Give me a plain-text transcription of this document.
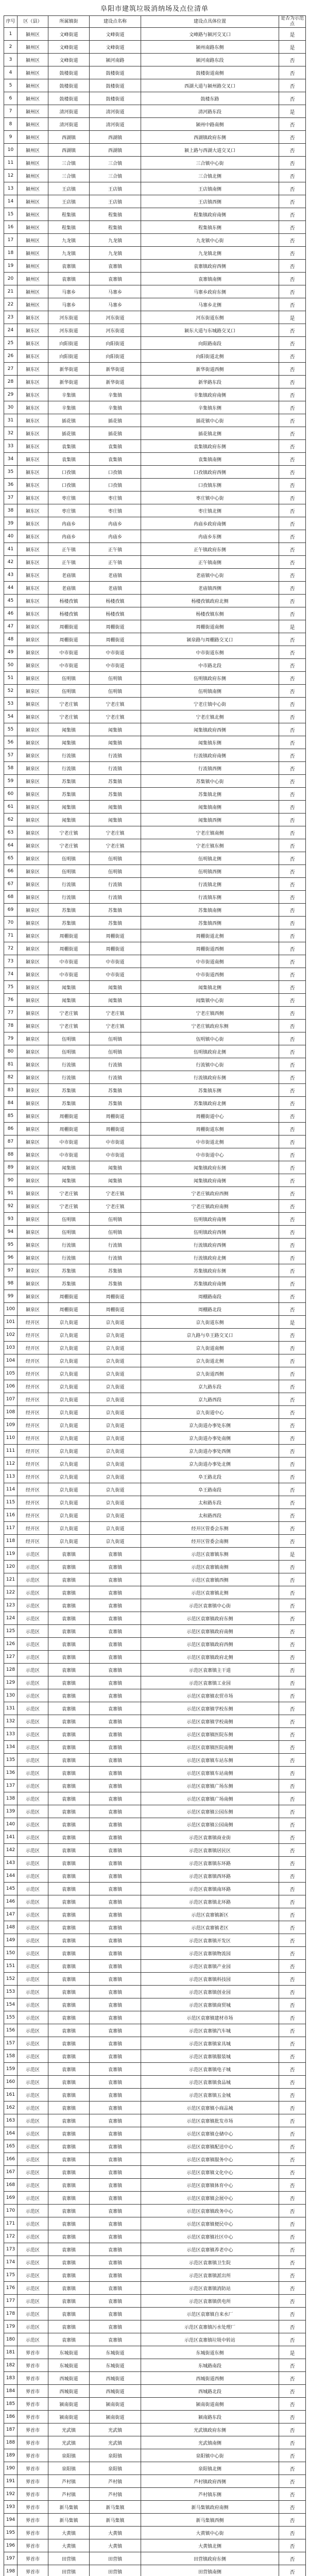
阜阳市建筑垃圾消纳场及点位清单
序号	区（县）	所属镇街	建设点名称	建设点具体位置	是否为示范点
1	颍州区	文峰街道	文峰街道	文峰路与颍河交叉口	是
2	颍州区	文峰街道	文峰街道	颍州南路东侧	是
3	颍州区	文峰街道	颍河南路	颍河南路东段	否
4	颍州区	鼓楼街道	鼓楼街道	鼓楼街道南侧	否
5	颍州区	鼓楼街道	鼓楼街道	西湖大道与颍州路交叉口	否
6	颍州区	鼓楼街道	鼓楼街道	鼓楼东路	否
7	颍州区	清河街道	清河街道	清河路东段	是
8	颍州区	清河街道	清河街道	颍州中路南侧	否
9	颍州区	西湖镇	西湖镇	西湖镇政府东侧	否
10	颍州区	西湖镇	西湖镇	颍上路与西湖大道交叉口	否
11	颍州区	三合镇	三合镇	三合镇中心街	否
12	颍州区	三合镇	三合镇	三合镇北侧	否
13	颍州区	王店镇	王店镇	王店镇南侧	否
14	颍州区	王店镇	王店镇	王店镇西侧	否
15	颍州区	程集镇	程集镇	程集镇政府南侧	否
16	颍州区	程集镇	程集镇	程集镇东侧	否
17	颍州区	九龙镇	九龙镇	九龙镇中心街	否
18	颍州区	九龙镇	九龙镇	九龙镇北侧	否
19	颍州区	袁寨镇	袁寨镇	袁寨镇政府西侧	否
20	颍州区	袁寨镇	袁寨镇	袁寨镇南侧	否
21	颍州区	马寨乡	马寨乡	马寨乡政府东侧	否
22	颍州区	马寨乡	马寨乡	马寨乡北侧	否
23	颍东区	河东街道	河东街道	河东街道东侧	是
24	颍东区	河东街道	河东街道	颍东大道与东城路交叉口	否
25	颍东区	向阳街道	向阳街道	向阳路南段	否
26	颍东区	向阳街道	向阳街道	向阳街道北侧	否
27	颍东区	新华街道	新华街道	新华街道西侧	否
28	颍东区	新华街道	新华街道	新华路东段	否
29	颍东区	辛集镇	辛集镇	辛集镇政府南侧	否
30	颍东区	辛集镇	辛集镇	辛集镇东侧	否
31	颍东区	插花镇	插花镇	插花镇中心街	否
32	颍东区	插花镇	插花镇	插花镇北侧	否
33	颍东区	袁集镇	袁集镇	袁集镇政府东侧	否
34	颍东区	袁集镇	袁集镇	袁集镇南侧	否
35	颍东区	口孜镇	口孜镇	口孜镇政府西侧	否
36	颍东区	口孜镇	口孜镇	口孜镇东侧	否
37	颍东区	枣庄镇	枣庄镇	枣庄镇中心街	否
38	颍东区	枣庄镇	枣庄镇	枣庄镇北侧	否
39	颍东区	冉庙乡	冉庙乡	冉庙乡政府南侧	否
40	颍东区	冉庙乡	冉庙乡	冉庙乡东侧	否
41	颍东区	正午镇	正午镇	正午镇政府东侧	否
42	颍东区	正午镇	正午镇	正午镇南侧	否
43	颍东区	老庙镇	老庙镇	老庙镇中心街	否
44	颍东区	老庙镇	老庙镇	老庙镇西侧	否
45	颍东区	杨楼孜镇	杨楼孜镇	杨楼孜镇政府北侧	否
46	颍东区	杨楼孜镇	杨楼孜镇	杨楼孜镇东侧	否
47	颍泉区	周棚街道	周棚街道	周棚街道南侧	是
48	颍泉区	周棚街道	周棚街道	颍泉路与周棚路交叉口	否
49	颍泉区	中市街道	中市街道	中市街道东侧	否
50	颍泉区	中市街道	中市街道	中市路北段	否
51	颍泉区	伍明镇	伍明镇	伍明镇政府东侧	否
52	颍泉区	伍明镇	伍明镇	伍明镇南侧	否
53	颍泉区	宁老庄镇	宁老庄镇	宁老庄镇中心街	否
54	颍泉区	宁老庄镇	宁老庄镇	宁老庄镇北侧	否
55	颍泉区	闻集镇	闻集镇	闻集镇政府西侧	否
56	颍泉区	闻集镇	闻集镇	闻集镇东侧	否
57	颍泉区	行流镇	行流镇	行流镇政府南侧	否
58	颍泉区	行流镇	行流镇	行流镇西侧	否
59	颍泉区	苏集镇	苏集镇	苏集镇中心街	否
60	颍泉区	苏集镇	苏集镇	苏集镇北侧	否
61	颍泉区	闻集镇	闻集镇	闻集镇南侧	否
62	颍泉区	闻集镇	闻集镇	闻集镇西侧	否
63	颍泉区	宁老庄镇	宁老庄镇	宁老庄镇南侧	否
64	颍泉区	宁老庄镇	宁老庄镇	宁老庄镇东侧	否
65	颍泉区	伍明镇	伍明镇	伍明镇北侧	否
66	颍泉区	伍明镇	伍明镇	伍明镇西侧	否
67	颍泉区	行流镇	行流镇	行流镇北侧	否
68	颍泉区	行流镇	行流镇	行流镇东侧	否
69	颍泉区	苏集镇	苏集镇	苏集镇南侧	否
70	颍泉区	苏集镇	苏集镇	苏集镇西侧	否
71	颍泉区	周棚街道	周棚街道	周棚街道北侧	否
72	颍泉区	周棚街道	周棚街道	周棚街道西侧	否
73	颍泉区	中市街道	中市街道	中市街道南侧	否
74	颍泉区	中市街道	中市街道	中市街道西侧	否
75	颍泉区	闻集镇	闻集镇	闻集镇北侧	否
76	颍泉区	闻集镇	闻集镇	闻集镇中心街	否
77	颍泉区	宁老庄镇	宁老庄镇	宁老庄镇西侧	否
78	颍泉区	宁老庄镇	宁老庄镇	宁老庄镇政府东侧	否
79	颍泉区	伍明镇	伍明镇	伍明镇中心街	否
80	颍泉区	伍明镇	伍明镇	伍明镇政府北侧	否
81	颍泉区	行流镇	行流镇	行流镇中心街	否
82	颍泉区	行流镇	行流镇	行流镇政府东侧	否
83	颍泉区	苏集镇	苏集镇	苏集镇东侧	否
84	颍泉区	苏集镇	苏集镇	苏集镇政府北侧	否
85	颍泉区	周棚街道	周棚街道	周棚街道中心	否
86	颍泉区	周棚街道	周棚街道	周棚街道东侧	否
87	颍泉区	中市街道	中市街道	中市街道北侧	否
88	颍泉区	中市街道	中市街道	中市街道中心	否
89	颍泉区	闻集镇	闻集镇	闻集镇政府东侧	否
90	颍泉区	闻集镇	闻集镇	闻集镇政府南侧	否
91	颍泉区	宁老庄镇	宁老庄镇	宁老庄镇政府西侧	否
92	颍泉区	宁老庄镇	宁老庄镇	宁老庄镇政府南侧	否
93	颍泉区	伍明镇	伍明镇	伍明镇政府南侧	否
94	颍泉区	伍明镇	伍明镇	伍明镇政府西侧	否
95	颍泉区	行流镇	行流镇	行流镇政府西侧	否
96	颍泉区	行流镇	行流镇	行流镇政府北侧	否
97	颍泉区	苏集镇	苏集镇	苏集镇政府东侧	否
98	颍泉区	苏集镇	苏集镇	苏集镇政府南侧	否
99	颍泉区	周棚街道	周棚街道	周棚路南段	否
100	颍泉区	周棚街道	周棚街道	周棚路北段	否
101	经开区	京九街道	京九街道	京九街道东侧	是
102	经开区	京九街道	京九街道	京九路与阜王路交叉口	否
103	经开区	京九街道	京九街道	京九街道南侧	否
104	经开区	京九街道	京九街道	京九街道北侧	否
105	经开区	京九街道	京九街道	京九街道西侧	否
106	经开区	京九街道	京九街道	京九路东段	否
107	经开区	京九街道	京九街道	京九路西段	否
108	经开区	京九街道	京九街道	京九街道中心	否
109	经开区	京九街道	京九街道	京九街道办事处东侧	否
110	经开区	京九街道	京九街道	京九街道办事处南侧	否
111	经开区	京九街道	京九街道	京九街道办事处西侧	否
112	经开区	京九街道	京九街道	京九街道办事处北侧	否
113	经开区	京九街道	京九街道	阜王路北段	否
114	经开区	京九街道	京九街道	阜王路南段	否
115	经开区	京九街道	京九街道	太和路东段	否
116	经开区	京九街道	京九街道	太和路西段	否
117	经开区	京九街道	京九街道	经开区管委会东侧	否
118	经开区	京九街道	京九街道	经开区管委会南侧	否
119	示范区	袁寨镇	袁寨镇	示范区袁寨镇东侧	是
120	示范区	袁寨镇	袁寨镇	示范区袁寨镇南侧	否
121	示范区	袁寨镇	袁寨镇	示范区袁寨镇西侧	否
122	示范区	袁寨镇	袁寨镇	示范区袁寨镇北侧	否
123	示范区	袁寨镇	袁寨镇	示范区袁寨镇中心街	否
124	示范区	袁寨镇	袁寨镇	示范区袁寨镇政府东侧	否
125	示范区	袁寨镇	袁寨镇	示范区袁寨镇政府南侧	否
126	示范区	袁寨镇	袁寨镇	示范区袁寨镇政府西侧	否
127	示范区	袁寨镇	袁寨镇	示范区袁寨镇政府北侧	否
128	示范区	袁寨镇	袁寨镇	示范区袁寨镇主干道	否
129	示范区	袁寨镇	袁寨镇	示范区袁寨镇工业园	否
130	示范区	袁寨镇	袁寨镇	示范区袁寨镇农贸市场	否
131	示范区	袁寨镇	袁寨镇	示范区袁寨镇学校东侧	否
132	示范区	袁寨镇	袁寨镇	示范区袁寨镇学校南侧	否
133	示范区	袁寨镇	袁寨镇	示范区袁寨镇医院东侧	否
134	示范区	袁寨镇	袁寨镇	示范区袁寨镇医院南侧	否
135	示范区	袁寨镇	袁寨镇	示范区袁寨镇车站东侧	否
136	示范区	袁寨镇	袁寨镇	示范区袁寨镇车站南侧	否
137	示范区	袁寨镇	袁寨镇	示范区袁寨镇广场东侧	否
138	示范区	袁寨镇	袁寨镇	示范区袁寨镇广场南侧	否
139	示范区	袁寨镇	袁寨镇	示范区袁寨镇公园东侧	否
140	示范区	袁寨镇	袁寨镇	示范区袁寨镇公园南侧	否
141	示范区	袁寨镇	袁寨镇	示范区袁寨镇商业街	否
142	示范区	袁寨镇	袁寨镇	示范区袁寨镇居民区	否
143	示范区	袁寨镇	袁寨镇	示范区袁寨镇东环路	否
144	示范区	袁寨镇	袁寨镇	示范区袁寨镇西环路	否
145	示范区	袁寨镇	袁寨镇	示范区袁寨镇南环路	否
146	示范区	袁寨镇	袁寨镇	示范区袁寨镇北环路	否
147	示范区	袁寨镇	袁寨镇	示范区袁寨镇新区	否
148	示范区	袁寨镇	袁寨镇	示范区袁寨镇老区	否
149	示范区	袁寨镇	袁寨镇	示范区袁寨镇开发区	否
150	示范区	袁寨镇	袁寨镇	示范区袁寨镇物流园	否
151	示范区	袁寨镇	袁寨镇	示范区袁寨镇产业园	否
152	示范区	袁寨镇	袁寨镇	示范区袁寨镇科技园	否
153	示范区	袁寨镇	袁寨镇	示范区袁寨镇创业园	否
154	示范区	袁寨镇	袁寨镇	示范区袁寨镇商贸城	否
155	示范区	袁寨镇	袁寨镇	示范区袁寨镇建材市场	否
156	示范区	袁寨镇	袁寨镇	示范区袁寨镇汽车城	否
157	示范区	袁寨镇	袁寨镇	示范区袁寨镇家具城	否
158	示范区	袁寨镇	袁寨镇	示范区袁寨镇服装城	否
159	示范区	袁寨镇	袁寨镇	示范区袁寨镇电子城	否
160	示范区	袁寨镇	袁寨镇	示范区袁寨镇食品城	否
161	示范区	袁寨镇	袁寨镇	示范区袁寨镇五金城	否
162	示范区	袁寨镇	袁寨镇	示范区袁寨镇小商品城	否
163	示范区	袁寨镇	袁寨镇	示范区袁寨镇批发市场	否
164	示范区	袁寨镇	袁寨镇	示范区袁寨镇仓储中心	否
165	示范区	袁寨镇	袁寨镇	示范区袁寨镇配送中心	否
166	示范区	袁寨镇	袁寨镇	示范区袁寨镇服务中心	否
167	示范区	袁寨镇	袁寨镇	示范区袁寨镇文化中心	否
168	示范区	袁寨镇	袁寨镇	示范区袁寨镇体育中心	否
169	示范区	袁寨镇	袁寨镇	示范区袁寨镇会展中心	否
170	示范区	袁寨镇	袁寨镇	示范区袁寨镇政务中心	否
171	示范区	袁寨镇	袁寨镇	示范区袁寨镇便民中心	否
172	示范区	袁寨镇	袁寨镇	示范区袁寨镇社区中心	否
173	示范区	袁寨镇	袁寨镇	示范区袁寨镇养老中心	否
174	示范区	袁寨镇	袁寨镇	示范区袁寨镇卫生院	否
175	示范区	袁寨镇	袁寨镇	示范区袁寨镇派出所	否
176	示范区	袁寨镇	袁寨镇	示范区袁寨镇消防站	否
177	示范区	袁寨镇	袁寨镇	示范区袁寨镇供电所	否
178	示范区	袁寨镇	袁寨镇	示范区袁寨镇自来水厂	否
179	示范区	袁寨镇	袁寨镇	示范区袁寨镇污水处理厂	否
180	示范区	袁寨镇	袁寨镇	示范区袁寨镇垃圾中转站	否
181	界首市	东城街道	东城街道	东城街道东侧	是
182	界首市	东城街道	东城街道	东城路南段	否
183	界首市	西城街道	西城街道	西城街道西侧	否
184	界首市	西城街道	西城街道	西城路北段	否
185	界首市	颍南街道	颍南街道	颍南街道南侧	否
186	界首市	颍南街道	颍南街道	颍南路东段	否
187	界首市	光武镇	光武镇	光武镇政府东侧	否
188	界首市	光武镇	光武镇	光武镇南侧	否
189	界首市	泉阳镇	泉阳镇	泉阳镇中心街	否
190	界首市	泉阳镇	泉阳镇	泉阳镇北侧	否
191	界首市	芦村镇	芦村镇	芦村镇政府西侧	否
192	界首市	芦村镇	芦村镇	芦村镇东侧	否
193	界首市	新马集镇	新马集镇	新马集镇政府南侧	否
194	界首市	新马集镇	新马集镇	新马集镇西侧	否
195	界首市	大黄镇	大黄镇	大黄镇中心街	否
196	界首市	大黄镇	大黄镇	大黄镇北侧	否
197	界首市	田营镇	田营镇	田营镇政府东侧	否
198	界首市	田营镇	田营镇	田营镇南侧	否
